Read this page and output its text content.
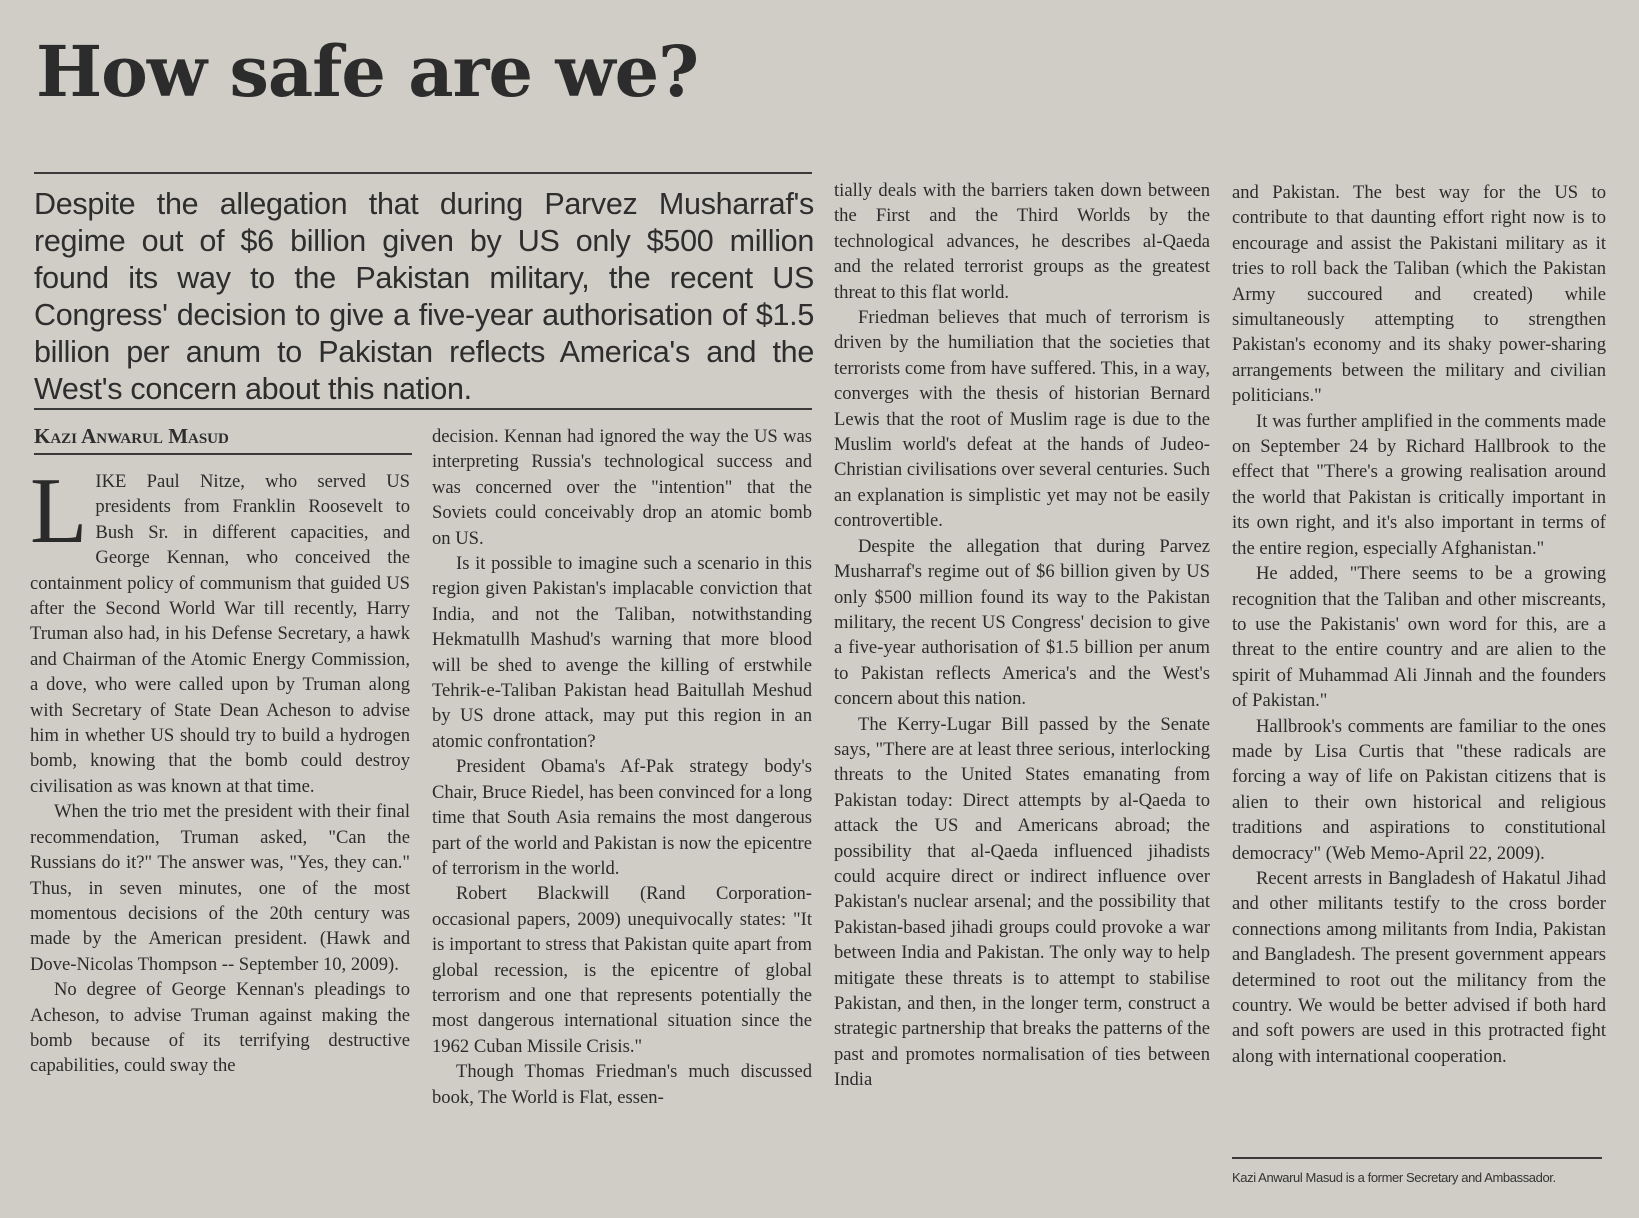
How safe are we?

Despite the allegation that during Parvez Musharraf's regime out of $6 billion given by US only $500 million found its way to the Pakistan military, the recent US Congress' decision to give a five-year authorisation of $1.5 billion per anum to Pakistan reflects America's and the West's concern about this nation.

Kazi Anwarul Masud

LIKE Paul Nitze, who served US presidents from Franklin Roosevelt to Bush Sr. in different capacities, and George Kennan, who conceived the containment policy of communism that guided US after the Second World War till recently, Harry Truman also had, in his Defense Secretary, a hawk and Chairman of the Atomic Energy Commission, a dove, who were called upon by Truman along with Secretary of State Dean Acheson to advise him in whether US should try to build a hydrogen bomb, knowing that the bomb could destroy civilisation as was known at that time.

When the trio met the president with their final recommendation, Truman asked, "Can the Russians do it?" The answer was, "Yes, they can." Thus, in seven minutes, one of the most momentous decisions of the 20th century was made by the American president. (Hawk and Dove-Nicolas Thompson -- September 10, 2009).

No degree of George Kennan's pleadings to Acheson, to advise Truman against making the bomb because of its terrifying destructive capabilities, could sway the

decision. Kennan had ignored the way the US was interpreting Russia's technological success and was concerned over the "intention" that the Soviets could conceivably drop an atomic bomb on US.

Is it possible to imagine such a scenario in this region given Pakistan's implacable conviction that India, and not the Taliban, notwithstanding Hekmatullh Mashud's warning that more blood will be shed to avenge the killing of erstwhile Tehrik-e-Taliban Pakistan head Baitullah Meshud by US drone attack, may put this region in an atomic confrontation?

President Obama's Af-Pak strategy body's Chair, Bruce Riedel, has been convinced for a long time that South Asia remains the most dangerous part of the world and Pakistan is now the epicentre of terrorism in the world.

Robert Blackwill (Rand Corporation-occasional papers, 2009) unequivocally states: "It is important to stress that Pakistan quite apart from global recession, is the epicentre of global terrorism and one that represents potentially the most dangerous international situation since the 1962 Cuban Missile Crisis."

Though Thomas Friedman's much discussed book, The World is Flat, essen-

tially deals with the barriers taken down between the First and the Third Worlds by the technological advances, he describes al-Qaeda and the related terrorist groups as the greatest threat to this flat world.

Friedman believes that much of terrorism is driven by the humiliation that the societies that terrorists come from have suffered. This, in a way, converges with the thesis of historian Bernard Lewis that the root of Muslim rage is due to the Muslim world's defeat at the hands of Judeo-Christian civilisations over several centuries. Such an explanation is simplistic yet may not be easily controvertible.

Despite the allegation that during Parvez Musharraf's regime out of $6 billion given by US only $500 million found its way to the Pakistan military, the recent US Congress' decision to give a five-year authorisation of $1.5 billion per anum to Pakistan reflects America's and the West's concern about this nation.

The Kerry-Lugar Bill passed by the Senate says, "There are at least three serious, interlocking threats to the United States emanating from Pakistan today: Direct attempts by al-Qaeda to attack the US and Americans abroad; the possibility that al-Qaeda influenced jihadists could acquire direct or indirect influence over Pakistan's nuclear arsenal; and the possibility that Pakistan-based jihadi groups could provoke a war between India and Pakistan. The only way to help mitigate these threats is to attempt to stabilise Pakistan, and then, in the longer term, construct a strategic partnership that breaks the patterns of the past and promotes normalisation of ties between India

and Pakistan. The best way for the US to contribute to that daunting effort right now is to encourage and assist the Pakistani military as it tries to roll back the Taliban (which the Pakistan Army succoured and created) while simultaneously attempting to strengthen Pakistan's economy and its shaky power-sharing arrangements between the military and civilian politicians."

It was further amplified in the comments made on September 24 by Richard Hallbrook to the effect that "There's a growing realisation around the world that Pakistan is critically important in its own right, and it's also important in terms of the entire region, especially Afghanistan."

He added, "There seems to be a growing recognition that the Taliban and other miscreants, to use the Pakistanis' own word for this, are a threat to the entire country and are alien to the spirit of Muhammad Ali Jinnah and the founders of Pakistan."

Hallbrook's comments are familiar to the ones made by Lisa Curtis that "these radicals are forcing a way of life on Pakistan citizens that is alien to their own historical and religious traditions and aspirations to constitutional democracy" (Web Memo-April 22, 2009).

Recent arrests in Bangladesh of Hakatul Jihad and other militants testify to the cross border connections among militants from India, Pakistan and Bangladesh. The present government appears determined to root out the militancy from the country. We would be better advised if both hard and soft powers are used in this protracted fight along with international cooperation.

Kazi Anwarul Masud is a former Secretary and Ambassador.
